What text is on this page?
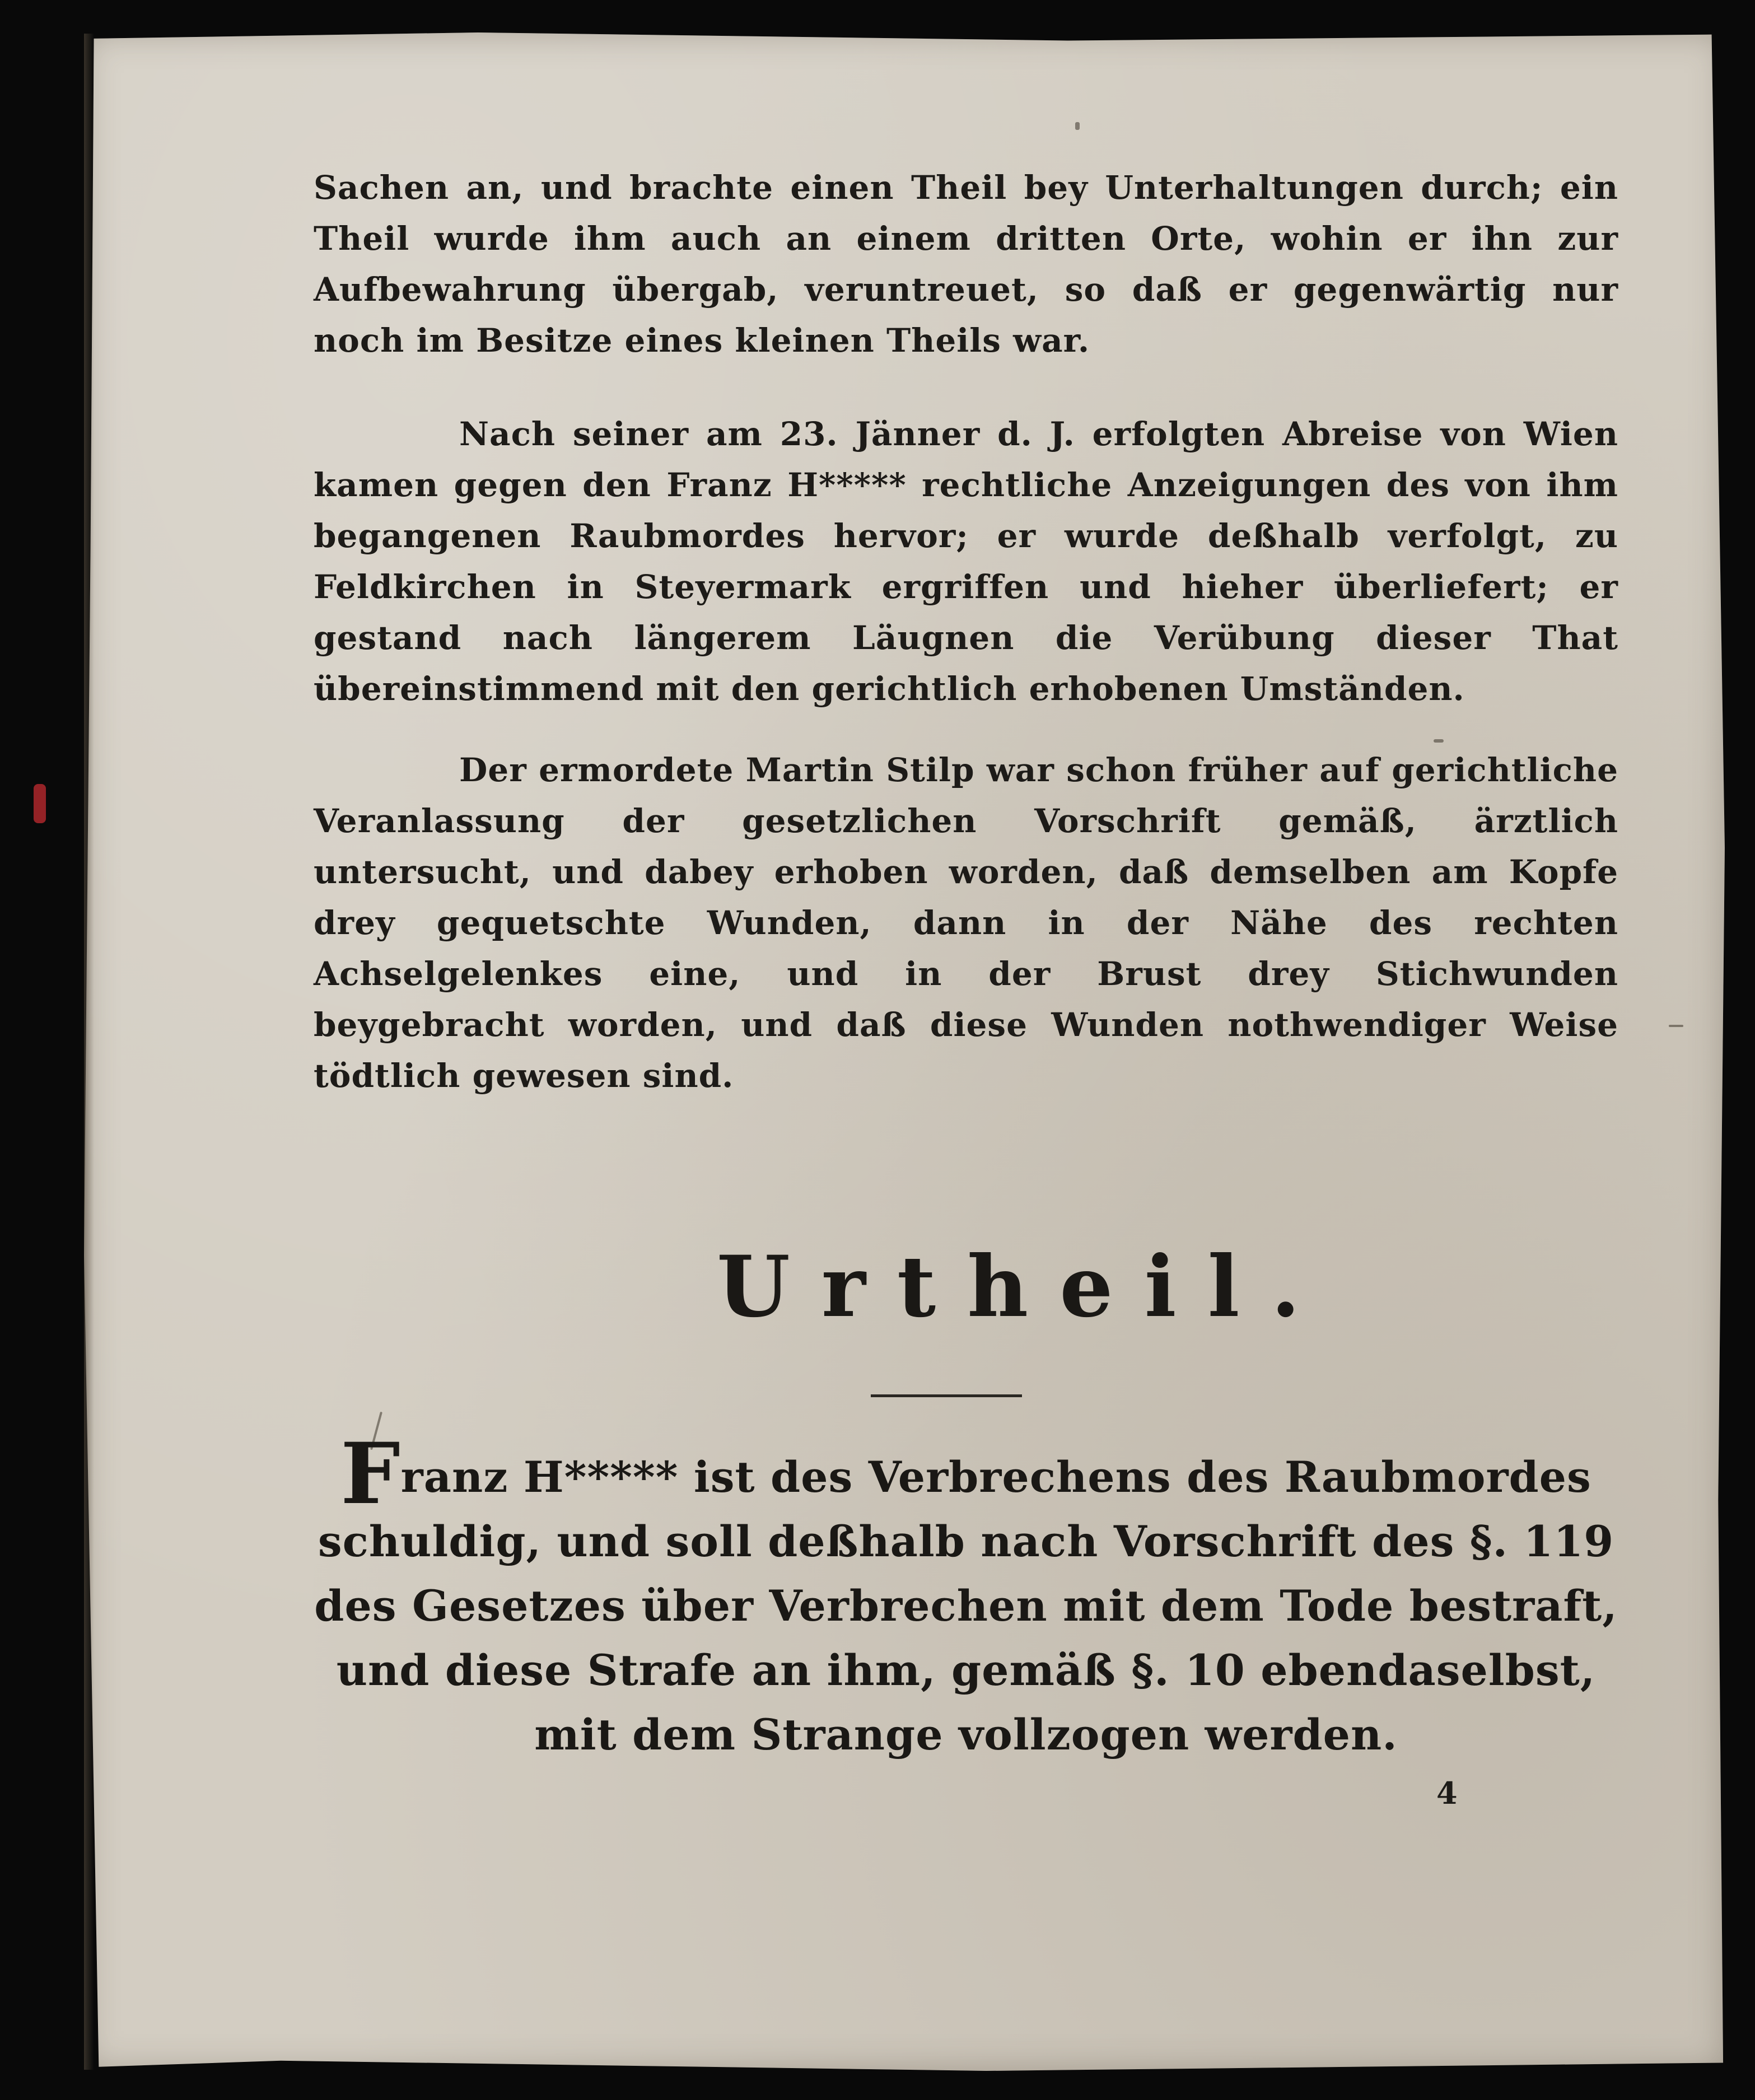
Sachen an, und brachte einen Theil bey Unterhaltungen durch; ein Theil wurde ihm auch an einem dritten Orte, wohin er ihn zur Aufbewahrung übergab, veruntreuet, so daß er gegenwärtig nur noch im Besitze eines kleinen Theils war.

Nach seiner am 23. Jänner d. J. erfolgten Abreise von Wien kamen gegen den Franz H***** rechtliche Anzeigungen des von ihm begangenen Raubmordes hervor; er wurde deßhalb verfolgt, zu Feldkirchen in Steyermark ergriffen und hieher überliefert; er gestand nach längerem Läugnen die Verübung dieser That übereinstimmend mit den gerichtlich erhobenen Umständen.

Der ermordete Martin Stilp war schon früher auf gerichtliche Veranlassung der gesetzlichen Vorschrift gemäß, ärztlich untersucht, und dabey erhoben worden, daß demselben am Kopfe drey gequetschte Wunden, dann in der Nähe des rechten Achselgelenkes eine, und in der Brust drey Stichwunden beygebracht worden, und daß diese Wunden nothwendiger Weise tödtlich gewesen sind.

Urtheil.
Franz H***** ist des Verbrechens des Raubmordes schuldig, und soll deßhalb nach Vorschrift des §. 119 des Gesetzes über Verbrechen mit dem Tode bestraft, und diese Strafe an ihm, gemäß §. 10 ebendaselbst, mit dem Strange vollzogen werden.
4
